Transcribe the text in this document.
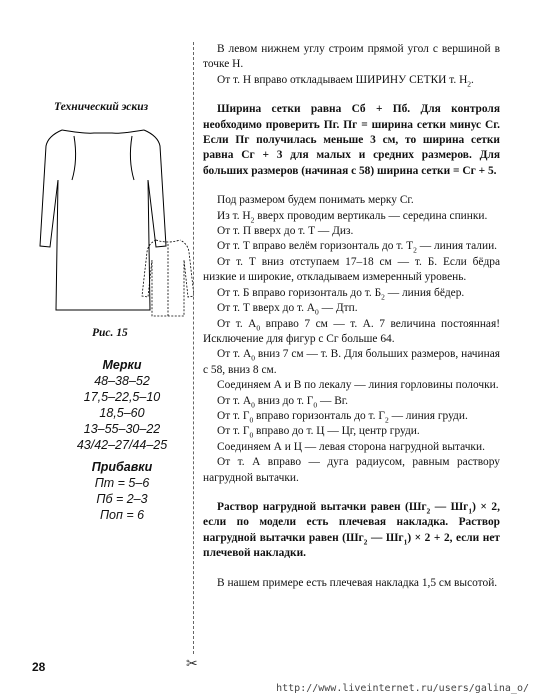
Технический эскиз
Рис. 15
Мерки
48–38–52
17,5–22,5–10
18,5–60
13–55–30–22
43/42–27/44–25
Прибавки
Пт = 5–6
Пб = 2–3
Поп = 6
28	✂

В левом нижнем углу строим прямой угол с вершиной в точке Н.

От т. Н вправо откладываем ШИРИНУ СЕТКИ т. $Н_2$.

Ширина сетки равна Сб + Пб. Для контроля необходимо проверить Пг. Пг = ширина сетки минус Сг. Если Пг получилась меньше 3 см, то ширина сетки равна Сг + 3 для малых и средних размеров. Для больших размеров (начиная с 58) ширина сетки = Сг + 5.

Под размером будем понимать мерку Сг.

Из т. $Н_2$ вверх проводим вертикаль — середина спинки.

От т. П вверх до т. Т — Диз.

От т. Т вправо велём горизонталь до т. $Т_2$ — линия талии.

От т. Т вниз отступаем 17–18 см — т. Б. Если бёдра низкие и широкие, откладываем измеренный уровень.

От т. Б вправо горизонталь до т. $Б_2$ — линия бёдер.

От т. Т вверх до т. $А_0$ — Дтп.

От т. $А_0$ вправо 7 см — т. А. 7 величина постоянная! Исключение для фигур с Сг больше 64.

От т. $А_0$ вниз 7 см — т. В. Для больших размеров, начиная с 58, вниз 8 см.

Соединяем А и В по лекалу — линия горловины полочки.

От т. $А_0$ вниз до т. $Г_0$ — Вг.

От т. $Г_0$ вправо горизонталь до т. $Г_2$ — линия груди.

От т. $Г_0$ вправо до т. Ц — Цг, центр груди.

Соединяем А и Ц — левая сторона нагрудной вытачки.

От т. А вправо — дуга радиусом, равным раствору нагрудной вытачки.

Раствор нагрудной вытачки равен ($Шг_2$ — $Шг_1) \times 2$, если по модели есть плечевая накладка. Раствор нагрудной вытачки равен ($Шг_2$ — $Шг_1) \times 2 + 2$, если нет плечевой накладки.

В нашем примере есть плечевая накладка 1,5 см высотой.

http://www.liveinternet.ru/users/galina_o/
